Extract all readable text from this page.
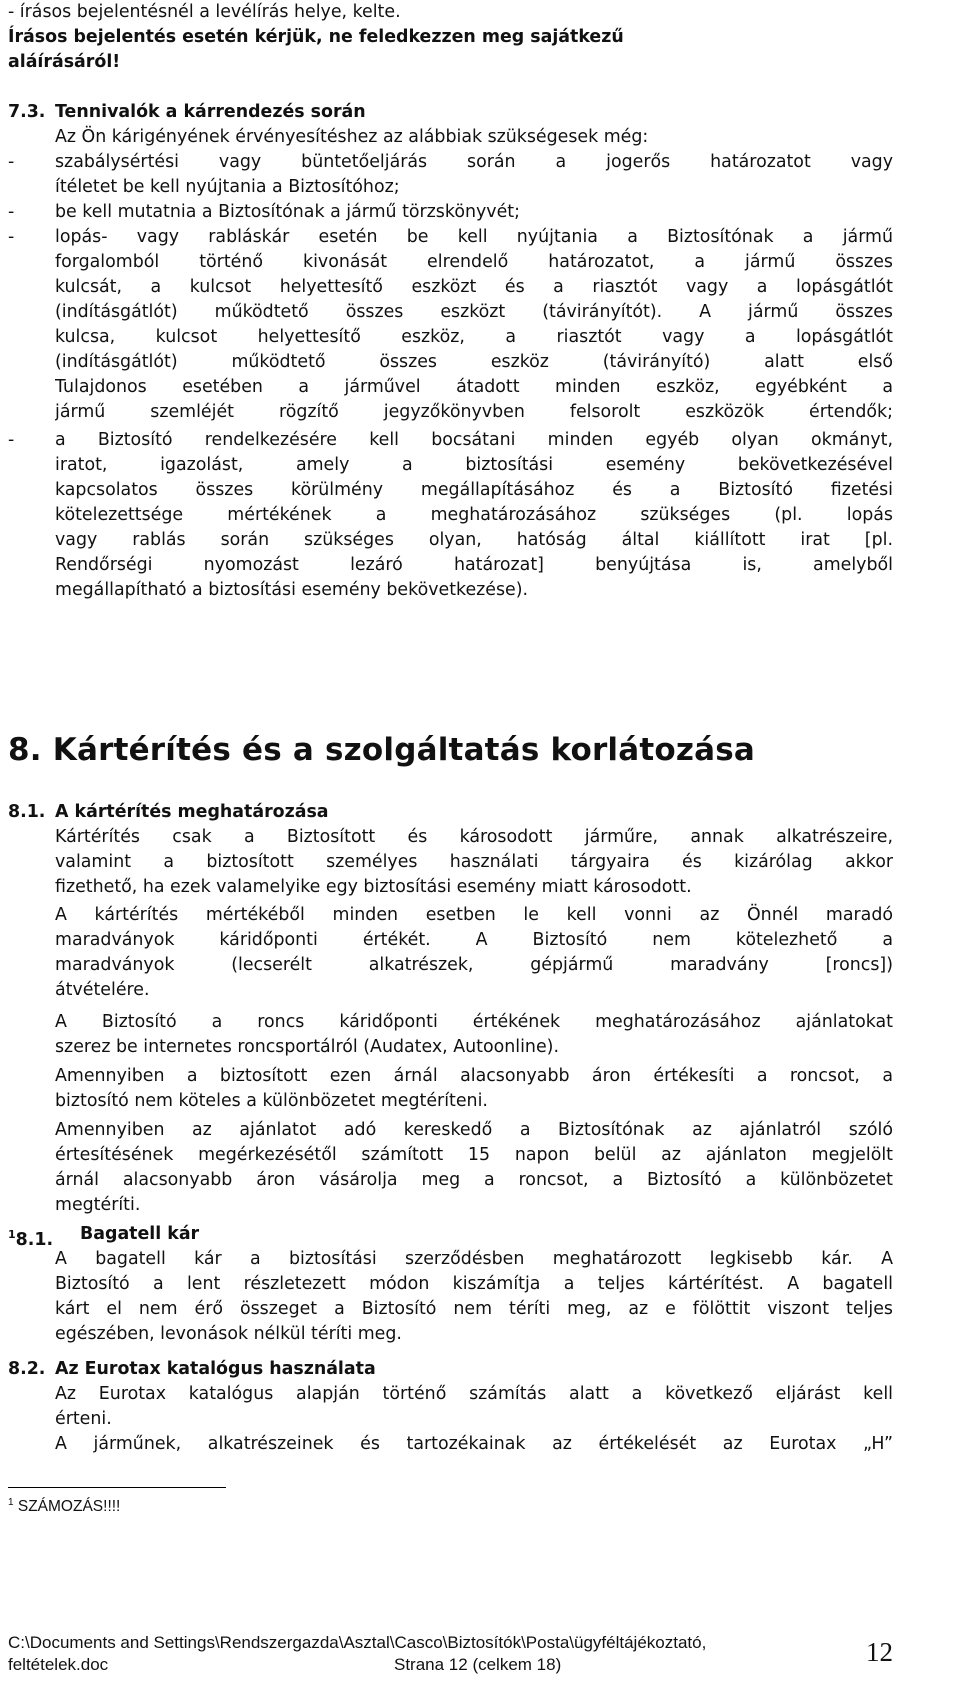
- írásos bejelentésnél a levélírás helye, kelte.
Írásos bejelentés esetén kérjük, ne feledkezzen meg sajátkezű
aláírásáról!
7.3. Tennivalók a kárrendezés során
Az Ön kárigényének érvényesítéshez az alábbiak szükségesek még:
- szabálysértési vagy büntetőeljárás során a jogerős határozatot vagy
ítéletet be kell nyújtania a Biztosítóhoz;
- be kell mutatnia a Biztosítónak a jármű törzskönyvét;
- lopás- vagy rabláskár esetén be kell nyújtania a Biztosítónak a jármű
forgalomból történő kivonását elrendelő határozatot, a jármű összes
kulcsát, a kulcsot helyettesítő eszközt és a riasztót vagy a lopásgátlót
(indításgátlót) működtető összes eszközt (távirányítót). A jármű összes
kulcsa, kulcsot helyettesítő eszköz, a riasztót vagy a lopásgátlót
(indításgátlót) működtető összes eszköz (távirányító) alatt első
Tulajdonos esetében a járművel átadott minden eszköz, egyébként a
jármű szemléjét rögzítő jegyzőkönyvben felsorolt eszközök értendők;
- a Biztosító rendelkezésére kell bocsátani minden egyéb olyan okmányt,
iratot, igazolást, amely a biztosítási esemény bekövetkezésével
kapcsolatos összes körülmény megállapításához és a Biztosító fizetési
kötelezettsége mértékének a meghatározásához szükséges (pl. lopás
vagy rablás során szükséges olyan, hatóság által kiállított irat [pl.
Rendőrségi nyomozást lezáró határozat] benyújtása is, amelyből
megállapítható a biztosítási esemény bekövetkezése).
8. Kártérítés és a szolgáltatás korlátozása
8.1. A kártérítés meghatározása
Kártérítés csak a Biztosított és károsodott járműre, annak alkatrészeire,
valamint a biztosított személyes használati tárgyaira és kizárólag akkor
fizethető, ha ezek valamelyike egy biztosítási esemény miatt károsodott.
A kártérítés mértékéből minden esetben le kell vonni az Önnél maradó
maradványok káridőponti értékét. A Biztosító nem kötelezhető a
maradványok (lecserélt alkatrészek, gépjármű maradvány [roncs])
átvételére.
A Biztosító a roncs káridőponti értékének meghatározásához ajánlatokat
szerez be internetes roncsportálról (Audatex, Autoonline).
Amennyiben a biztosított ezen árnál alacsonyabb áron értékesíti a roncsot, a
biztosító nem köteles a különbözetet megtéríteni.
Amennyiben az ajánlatot adó kereskedő a Biztosítónak az ajánlatról szóló
értesítésének megérkezésétől számított 15 napon belül az ajánlaton megjelölt
árnál alacsonyabb áron vásárolja meg a roncsot, a Biztosító a különbözetet
megtéríti.
$^1$8.1. Bagatell kár
A bagatell kár a biztosítási szerződésben meghatározott legkisebb kár. A
Biztosító a lent részletezett módon kiszámítja a teljes kártérítést. A bagatell
kárt el nem érő összeget a Biztosító nem téríti meg, az e fölöttit viszont teljes
egészében, levonások nélkül téríti meg.
8.2. Az Eurotax katalógus használata
Az Eurotax katalógus alapján történő számítás alatt a következő eljárást kell
érteni.
A járműnek, alkatrészeinek és tartozékainak az értékelését az Eurotax „H”
$^1$ SZÁMOZÁS!!!!
C:\Documents and Settings\Rendszergazda\Asztal\Casco\Biztosítók\Posta\ügyféltájékoztató,
feltételek.doc	Strana 12 (celkem 18)	12
